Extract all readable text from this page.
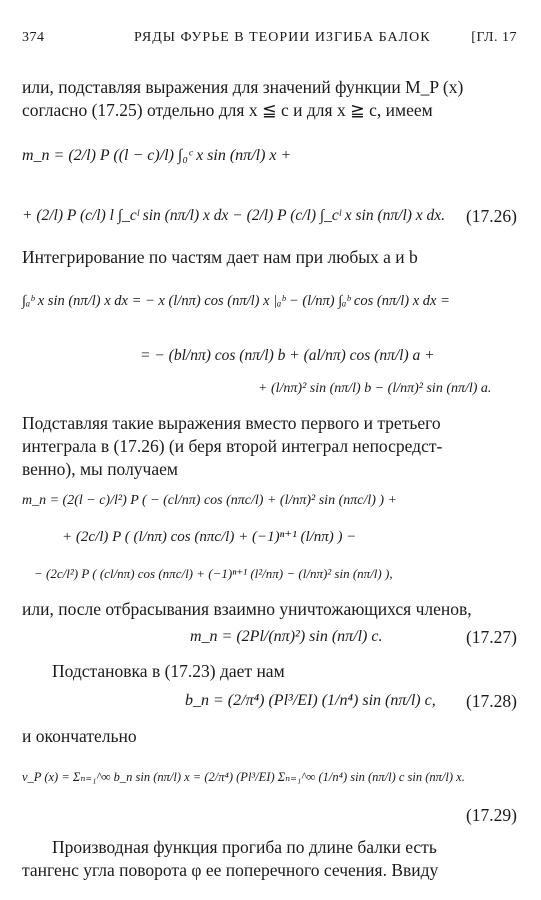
374	РЯДЫ ФУРЬЕ В ТЕОРИИ ИЗГИБА БАЛОК	[ГЛ. 17
или, подставляя выражения для значений функции M_P (x)
согласно (17.25) отдельно для x ≦ c и для x ≧ c, имеем
m_n = (2/l) P ((l − c)/l) ∫₀ᶜ x sin (nπ/l) x +
+ (2/l) P (c/l) l ∫_cˡ sin (nπ/l) x dx − (2/l) P (c/l) ∫_cˡ x sin (nπ/l) x dx. (17.26)
Интегрирование по частям дает нам при любых a и b
∫ₐᵇ x sin (nπ/l) x dx = − x (l/nπ) cos (nπ/l) x |ₐᵇ − (l/nπ) ∫ₐᵇ cos (nπ/l) x dx =
= − (bl/nπ) cos (nπ/l) b + (al/nπ) cos (nπ/l) a +
+ (l/nπ)² sin (nπ/l) b − (l/nπ)² sin (nπ/l) a.
Подставляя такие выражения вместо первого и третьего
интеграла в (17.26) (и беря второй интеграл непосредст-
венно), мы получаем
m_n = (2(l − c)/l²) P ( − (cl/nπ) cos (nπc/l) + (l/nπ)² sin (nπc/l) ) +
+ (2c/l) P ( (l/nπ) cos (nπc/l) + (−1)ⁿ⁺¹ (l/nπ) ) −
− (2c/l²) P ( (cl/nπ) cos (nπc/l) + (−1)ⁿ⁺¹ (l²/nπ) − (l/nπ)² sin (nπ/l) ),
или, после отбрасывания взаимно уничтожающихся членов,
m_n = (2Pl/(nπ)²) sin (nπ/l) c.	(17.27)
Подстановка в (17.23) дает нам
b_n = (2/π⁴) (Pl³/EI) (1/n⁴) sin (nπ/l) c, (17.28)
и окончательно
v_P (x) = Σₙ₌₁^∞ b_n sin (nπ/l) x = (2/π⁴) (Pl³/EI) Σₙ₌₁^∞ (1/n⁴) sin (nπ/l) c sin (nπ/l) x.
(17.29)
Производная функция прогиба по длине балки есть
тангенс угла поворота φ ее поперечного сечения. Ввиду
